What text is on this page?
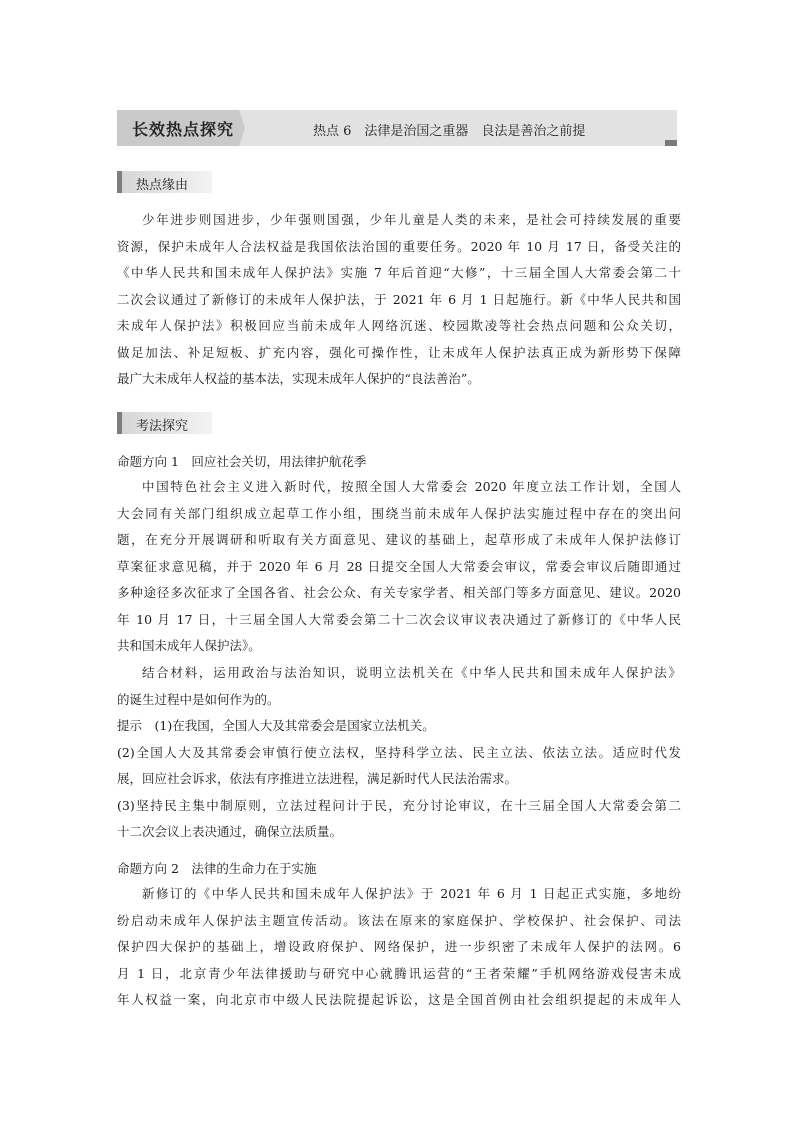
长效热点探究	热点 6　法律是治国之重器　良法是善治之前提
热点缘由
少年进步则国进步，少年强则国强，少年儿童是人类的未来，是社会可持续发展的重要
资源，保护未成年人合法权益是我国依法治国的重要任务。2020 年 10 月 17 日，备受关注的
《中华人民共和国未成年人保护法》实施 7 年后首迎“大修”，十三届全国人大常委会第二十
二次会议通过了新修订的未成年人保护法，于 2021 年 6 月 1 日起施行。新《中华人民共和国
未成年人保护法》积极回应当前未成年人网络沉迷、校园欺凌等社会热点问题和公众关切，
做足加法、补足短板、扩充内容，强化可操作性，让未成年人保护法真正成为新形势下保障
最广大未成年人权益的基本法，实现未成年人保护的“良法善治”。
考法探究
命题方向 1　回应社会关切，用法律护航花季
中国特色社会主义进入新时代，按照全国人大常委会 2020 年度立法工作计划，全国人
大会同有关部门组织成立起草工作小组，围绕当前未成年人保护法实施过程中存在的突出问
题，在充分开展调研和听取有关方面意见、建议的基础上，起草形成了未成年人保护法修订
草案征求意见稿，并于 2020 年 6 月 28 日提交全国人大常委会审议，常委会审议后随即通过
多种途径多次征求了全国各省、社会公众、有关专家学者、相关部门等多方面意见、建议。2020
年 10 月 17 日，十三届全国人大常委会第二十二次会议审议表决通过了新修订的《中华人民
共和国未成年人保护法》。
结合材料，运用政治与法治知识，说明立法机关在《中华人民共和国未成年人保护法》
的诞生过程中是如何作为的。
提示　(1)在我国，全国人大及其常委会是国家立法机关。
(2)全国人大及其常委会审慎行使立法权，坚持科学立法、民主立法、依法立法。适应时代发
展，回应社会诉求，依法有序推进立法进程，满足新时代人民法治需求。
(3)坚持民主集中制原则，立法过程问计于民，充分讨论审议，在十三届全国人大常委会第二
十二次会议上表决通过，确保立法质量。
命题方向 2　法律的生命力在于实施
新修订的《中华人民共和国未成年人保护法》于 2021 年 6 月 1 日起正式实施，多地纷
纷启动未成年人保护法主题宣传活动。该法在原来的家庭保护、学校保护、社会保护、司法
保护四大保护的基础上，增设政府保护、网络保护，进一步织密了未成年人保护的法网。6
月 1 日，北京青少年法律援助与研究中心就腾讯运营的“王者荣耀”手机网络游戏侵害未成
年人权益一案，向北京市中级人民法院提起诉讼，这是全国首例由社会组织提起的未成年人
